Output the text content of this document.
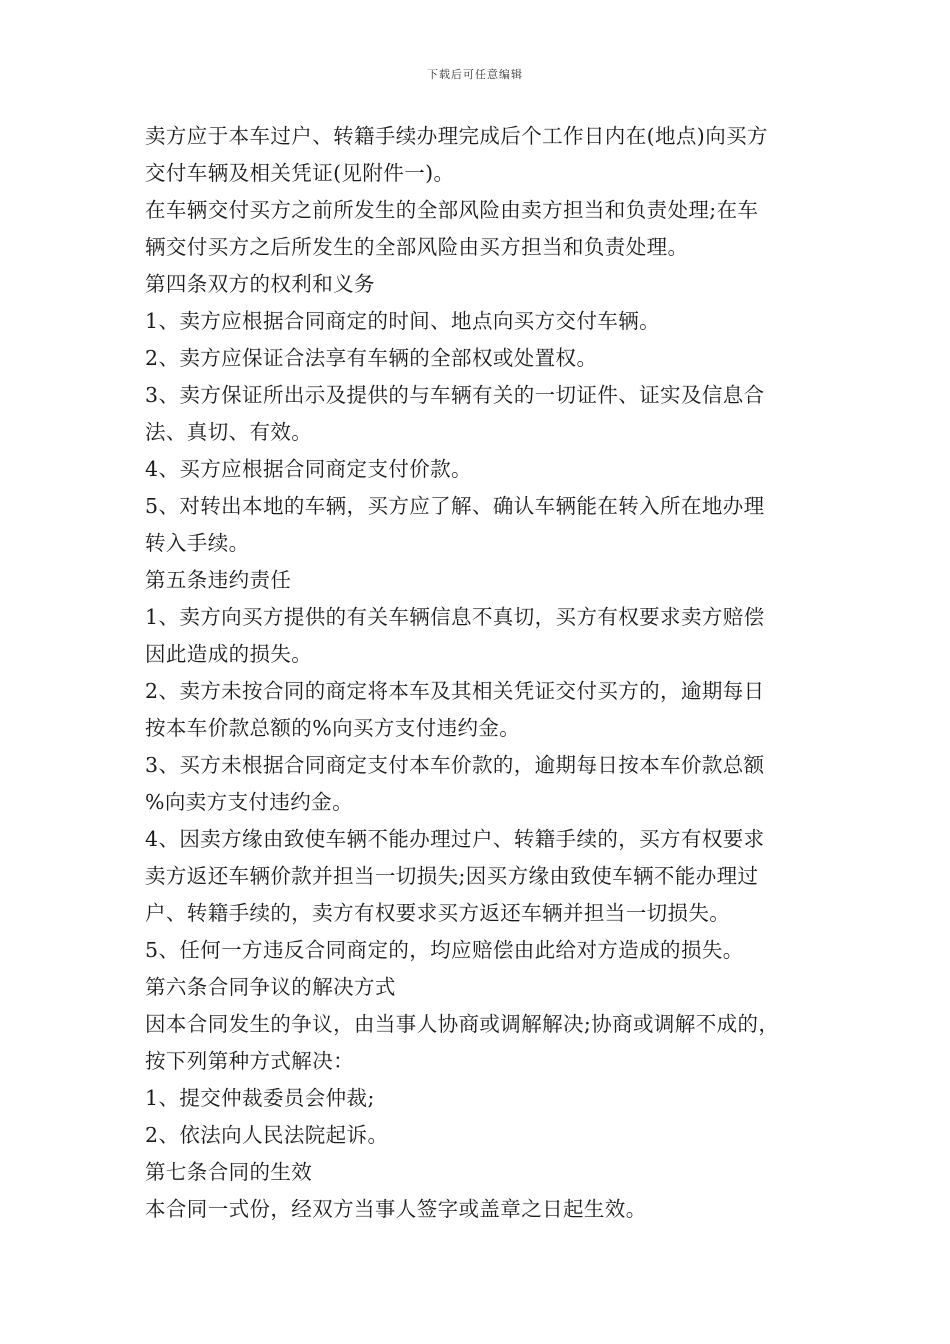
下载后可任意编辑
卖方应于本车过户、转籍手续办理完成后个工作日内在(地点)向买方
交付车辆及相关凭证(见附件一)。
在车辆交付买方之前所发生的全部风险由卖方担当和负责处理;在车
辆交付买方之后所发生的全部风险由买方担当和负责处理。
第四条双方的权利和义务
1、卖方应根据合同商定的时间、地点向买方交付车辆。
2、卖方应保证合法享有车辆的全部权或处置权。
3、卖方保证所出示及提供的与车辆有关的一切证件、证实及信息合
法、真切、有效。
4、买方应根据合同商定支付价款。
5、对转出本地的车辆，买方应了解、确认车辆能在转入所在地办理
转入手续。
第五条违约责任
1、卖方向买方提供的有关车辆信息不真切，买方有权要求卖方赔偿
因此造成的损失。
2、卖方未按合同的商定将本车及其相关凭证交付买方的，逾期每日
按本车价款总额的%向买方支付违约金。
3、买方未根据合同商定支付本车价款的，逾期每日按本车价款总额
%向卖方支付违约金。
4、因卖方缘由致使车辆不能办理过户、转籍手续的，买方有权要求
卖方返还车辆价款并担当一切损失;因买方缘由致使车辆不能办理过
户、转籍手续的，卖方有权要求买方返还车辆并担当一切损失。
5、任何一方违反合同商定的，均应赔偿由此给对方造成的损失。
第六条合同争议的解决方式
因本合同发生的争议，由当事人协商或调解解决;协商或调解不成的，
按下列第种方式解决：
1、提交仲裁委员会仲裁;
2、依法向人民法院起诉。
第七条合同的生效
本合同一式份，经双方当事人签字或盖章之日起生效。
